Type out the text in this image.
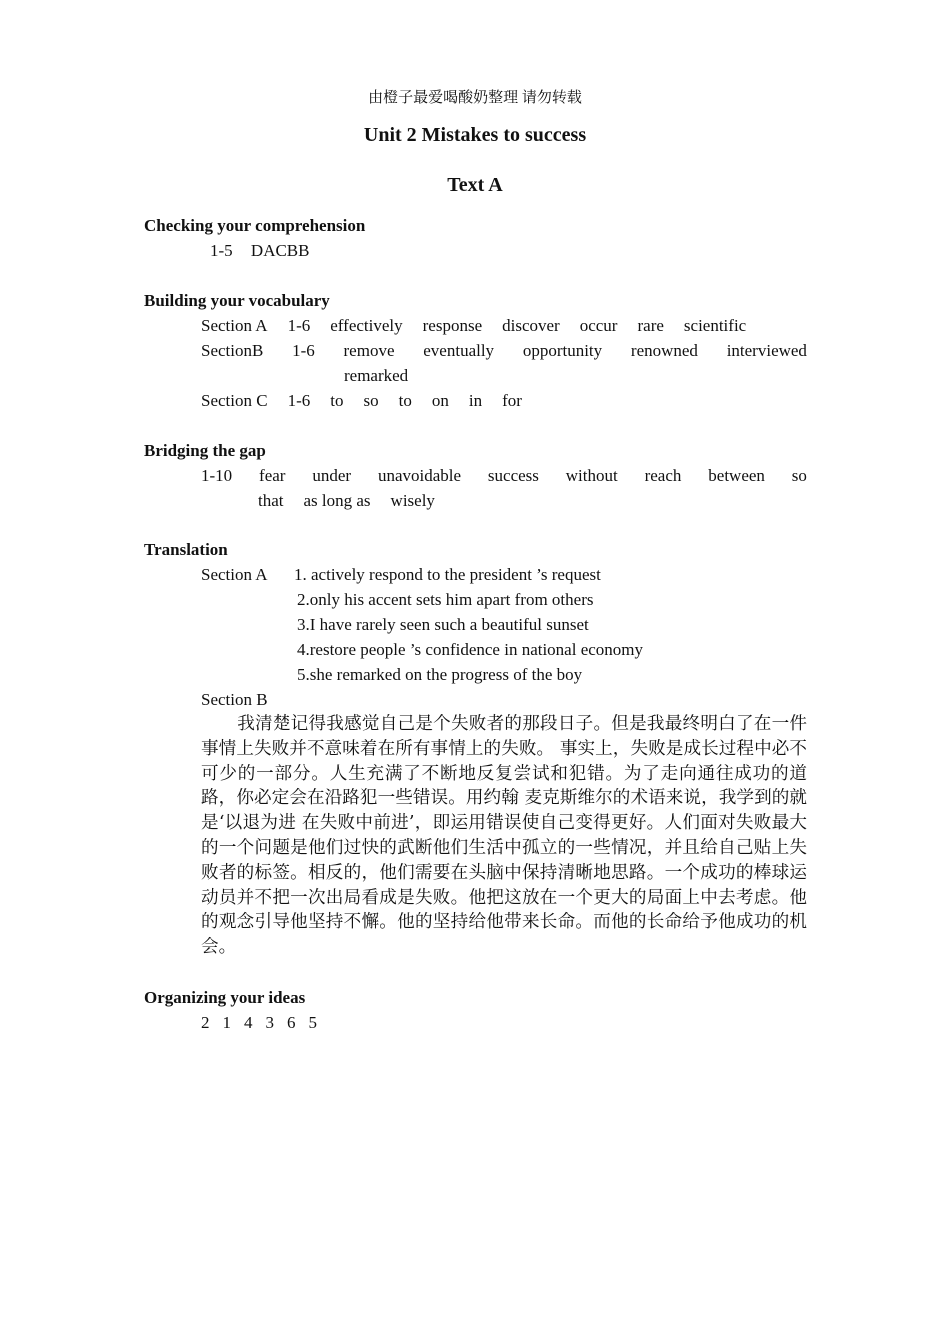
由橙子最爱喝酸奶整理 请勿转载
Unit 2 Mistakes to success
Text A
Checking your comprehension
1-5 DACBB
Building your vocabulary
Section A 1-6 effectively response discover occur rare scientific
SectionB 1-6 remove eventually opportunity renowned interviewed
remarked
Section C 1-6 to so to on in for
Bridging the gap
1-10 fear under unavoidable success without reach between so
that as long as wisely
Translation
Section A 1. actively respond to the president ’s request
2.only his accent sets him apart from others
3.I have rarely seen such a beautiful sunset
4.restore people ’s confidence in national economy
5.she remarked on the progress of the boy
Section B
我清楚记得我感觉自己是个失败者的那段日子。但是我最终明白了在一件事情上失败并不意味着在所有事情上的失败。 事实上，失败是成长过程中必不可少的一部分。人生充满了不断地反复尝试和犯错。为了走向通往成功的道路，你必定会在沿路犯一些错误。用约翰 麦克斯维尔的术语来说，我学到的就是‘以退为进 在失败中前进’，即运用错误使自己变得更好。人们面对失败最大的一个问题是他们过快的武断他们生活中孤立的一些情况，并且给自己贴上失败者的标签。相反的，他们需要在头脑中保持清晰地思路。一个成功的棒球运动员并不把一次出局看成是失败。他把这放在一个更大的局面上中去考虑。他的观念引导他坚持不懈。他的坚持给他带来长命。而他的长命给予他成功的机会。
Organizing your ideas
2 1 4 3 6 5
